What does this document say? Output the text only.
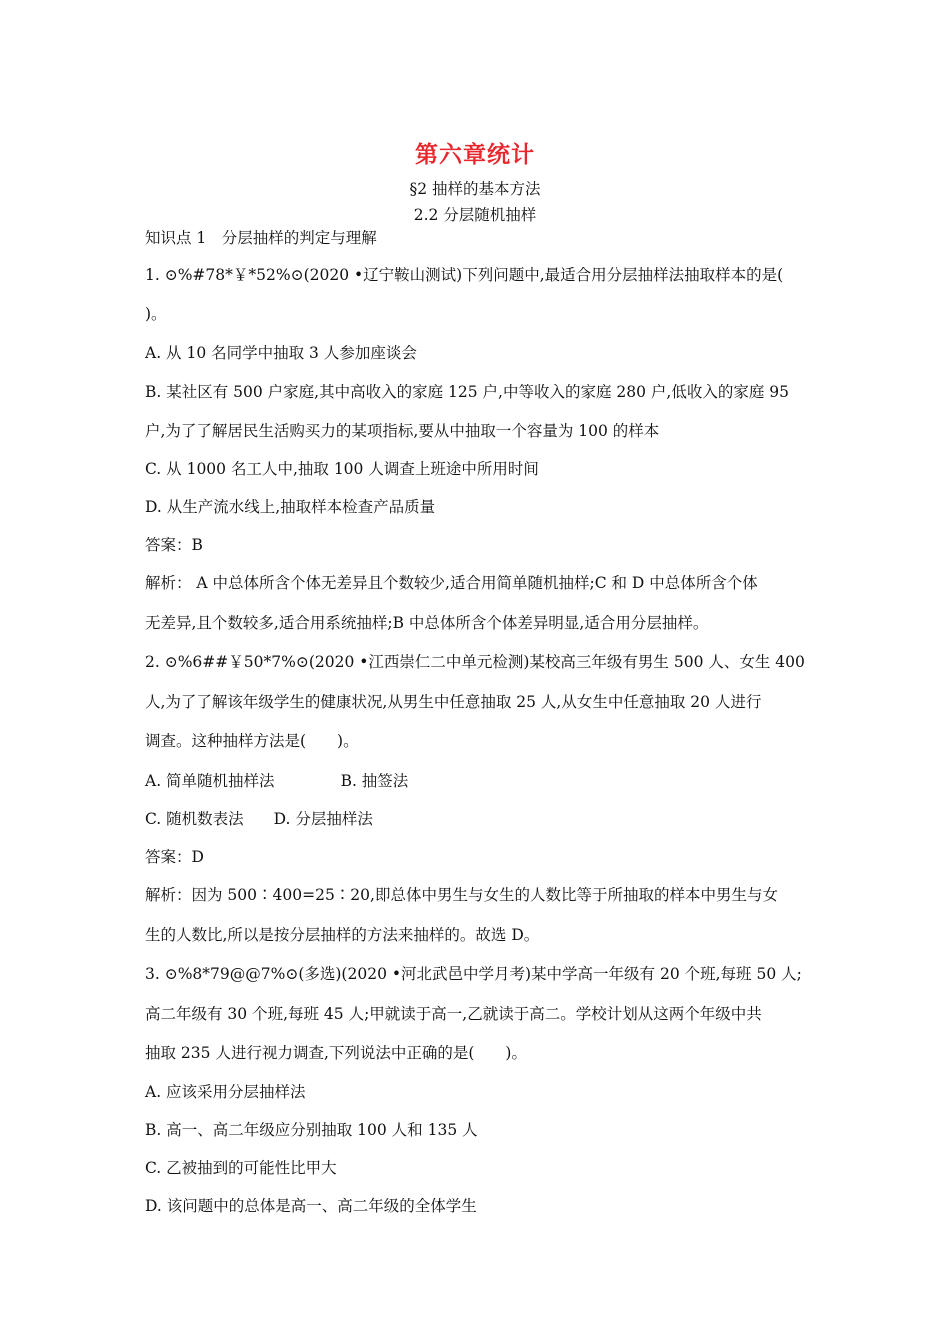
第六章统计
§2 抽样的基本方法
2.2 分层随机抽样
知识点 1　分层抽样的判定与理解
1. ⊙%#78*￥*52%⊙(2020 •辽宁鞍山测试)下列问题中,最适合用分层抽样法抽取样本的是(
)。
A. 从 10 名同学中抽取 3 人参加座谈会
B. 某社区有 500 户家庭,其中高收入的家庭 125 户,中等收入的家庭 280 户,低收入的家庭 95
户,为了了解居民生活购买力的某项指标,要从中抽取一个容量为 100 的样本
C. 从 1000 名工人中,抽取 100 人调查上班途中所用时间
D. 从生产流水线上,抽取样本检查产品质量
答案：B
解析： A 中总体所含个体无差异且个数较少,适合用简单随机抽样;C 和 D 中总体所含个体
无差异,且个数较多,适合用系统抽样;B 中总体所含个体差异明显,适合用分层抽样。
2. ⊙%6##￥50*7%⊙(2020 •江西崇仁二中单元检测)某校高三年级有男生 500 人、女生 400
人,为了了解该年级学生的健康状况,从男生中任意抽取 25 人,从女生中任意抽取 20 人进行
调查。这种抽样方法是(　　)。
A. 简单随机抽样法	B. 抽签法
C. 随机数表法 D. 分层抽样法
答案：D
解析：因为 500∶400=25∶20,即总体中男生与女生的人数比等于所抽取的样本中男生与女
生的人数比,所以是按分层抽样的方法来抽样的。故选 D。
3. ⊙%8*79@@7%⊙(多选)(2020 •河北武邑中学月考)某中学高一年级有 20 个班,每班 50 人;
高二年级有 30 个班,每班 45 人;甲就读于高一,乙就读于高二。学校计划从这两个年级中共
抽取 235 人进行视力调查,下列说法中正确的是(　　)。
A. 应该采用分层抽样法
B. 高一、高二年级应分别抽取 100 人和 135 人
C. 乙被抽到的可能性比甲大
D. 该问题中的总体是高一、高二年级的全体学生
